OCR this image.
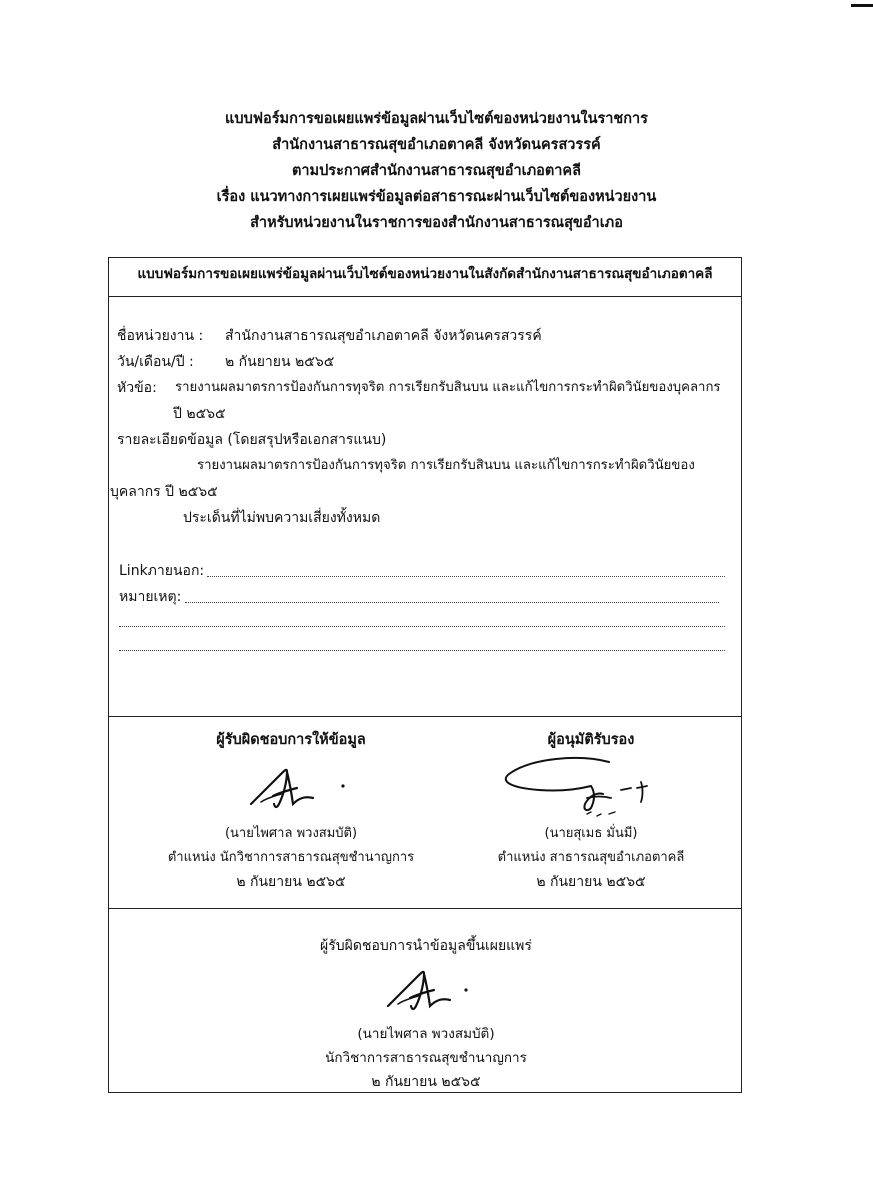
แบบฟอร์มการขอเผยแพร่ข้อมูลผ่านเว็บไซต์ของหน่วยงานในราชการ
สำนักงานสาธารณสุขอำเภอตาคลี จังหวัดนครสวรรค์
ตามประกาศสำนักงานสาธารณสุขอำเภอตาคลี
เรื่อง แนวทางการเผยแพร่ข้อมูลต่อสาธารณะผ่านเว็บไซต์ของหน่วยงาน
สำหรับหน่วยงานในราชการของสำนักงานสาธารณสุขอำเภอ
แบบฟอร์มการขอเผยแพร่ข้อมูลผ่านเว็บไซต์ของหน่วยงานในสังกัดสำนักงานสาธารณสุขอำเภอตาคลี
ชื่อหน่วยงาน : สำนักงานสาธารณสุขอำเภอตาคลี จังหวัดนครสวรรค์
วัน/เดือน/ปี : ๒ กันยายน ๒๕๖๕
หัวข้อ: รายงานผลมาตรการป้องกันการทุจริต การเรียกรับสินบน และแก้ไขการกระทำผิดวินัยของบุคลากร
ปี ๒๕๖๕
รายละเอียดข้อมูล (โดยสรุปหรือเอกสารแนบ)
รายงานผลมาตรการป้องกันการทุจริต การเรียกรับสินบน และแก้ไขการกระทำผิดวินัยของ
บุคลากร ปี ๒๕๖๕
ประเด็นที่ไม่พบความเสี่ยงทั้งหมด
Linkภายนอก:
หมายเหตุ:
ผู้รับผิดชอบการให้ข้อมูล
(นายไพศาล พวงสมบัติ)
ตำแหน่ง นักวิชาการสาธารณสุขชำนาญการ
๒ กันยายน ๒๕๖๕
ผู้อนุมัติรับรอง
(นายสุเมธ มั่นมี)
ตำแหน่ง สาธารณสุขอำเภอตาคลี
๒ กันยายน ๒๕๖๕
ผู้รับผิดชอบการนำข้อมูลขึ้นเผยแพร่
(นายไพศาล พวงสมบัติ)
นักวิชาการสาธารณสุขชำนาญการ
๒ กันยายน ๒๕๖๕
